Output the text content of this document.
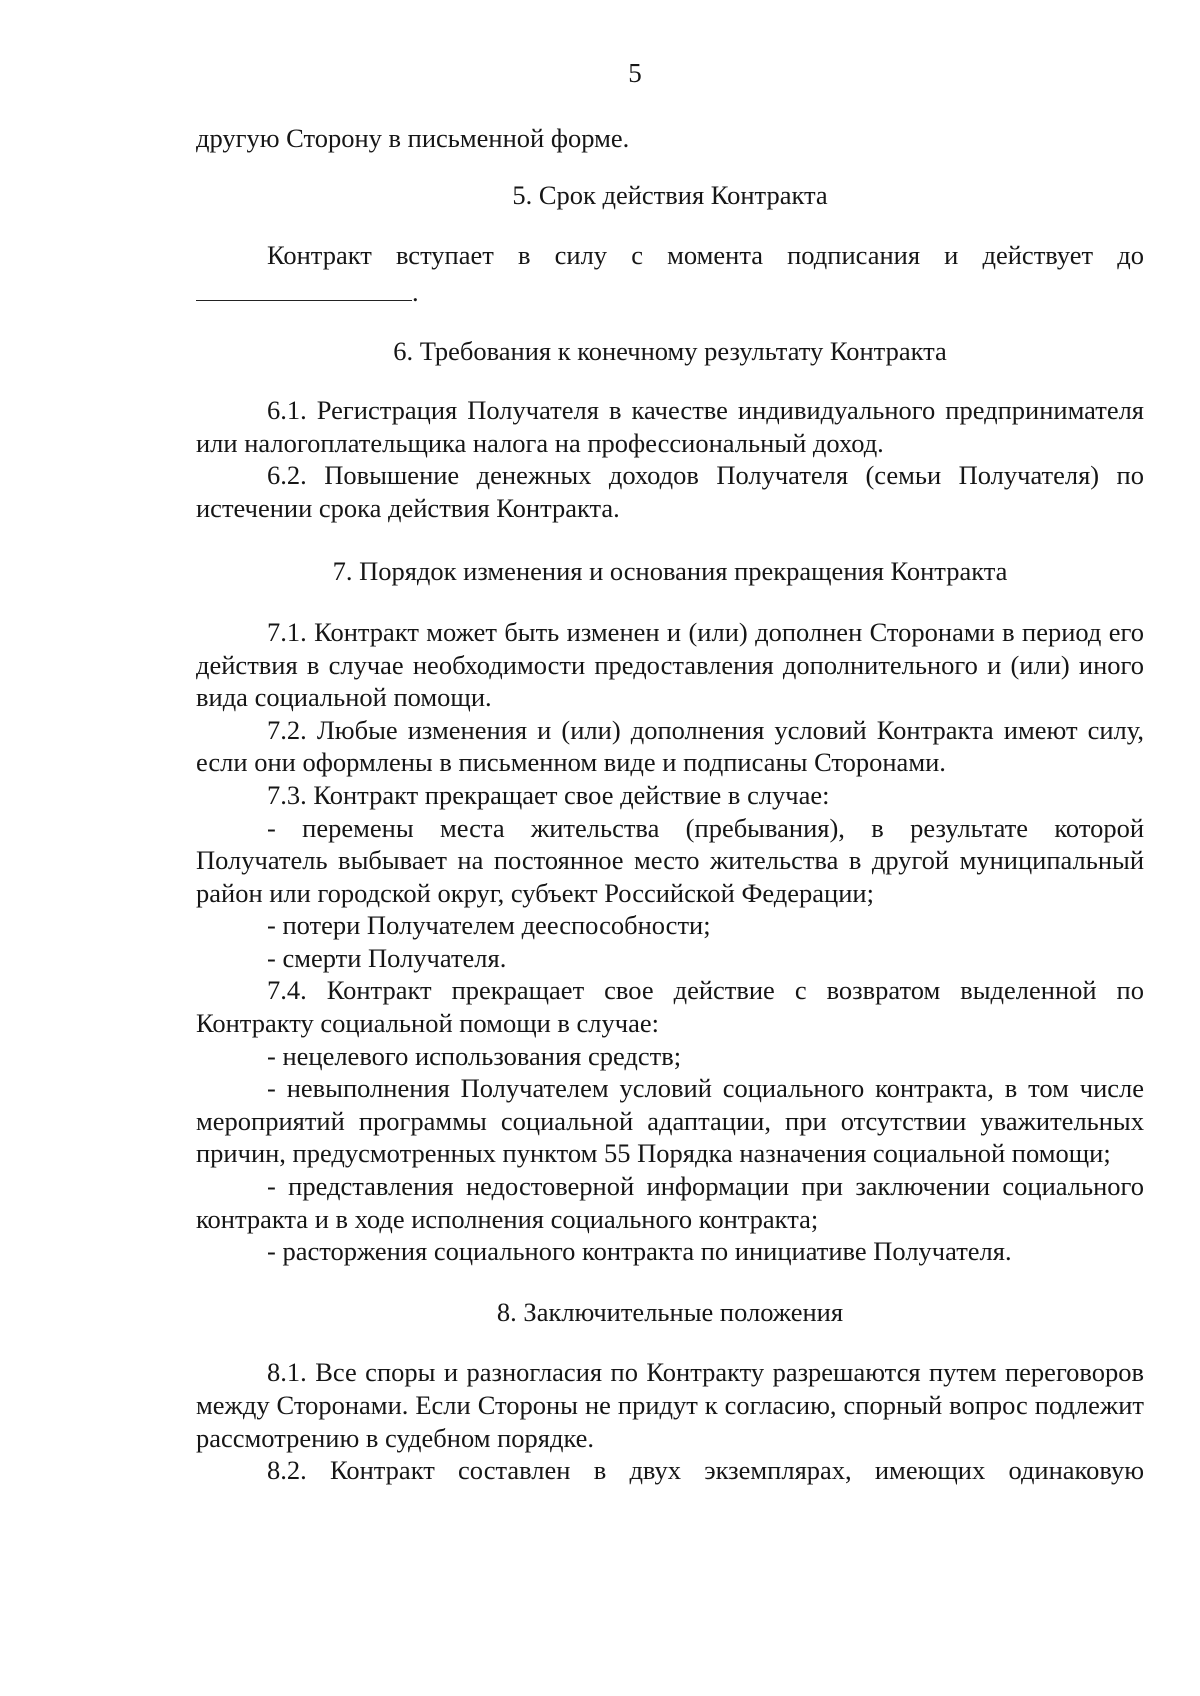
5

другую Сторону в письменной форме.

5. Срок действия Контракта

Контракт вступает в силу с момента подписания и действует до

.

6. Требования к конечному результату Контракта

6.1. Регистрация Получателя в качестве индивидуального предпринимателя или налогоплательщика налога на профессиональный доход.

6.2. Повышение денежных доходов Получателя (семьи Получателя) по истечении срока действия Контракта.

7. Порядок изменения и основания прекращения Контракта

7.1. Контракт может быть изменен и (или) дополнен Сторонами в период его действия в случае необходимости предоставления дополнительного и (или) иного вида социальной помощи.

7.2. Любые изменения и (или) дополнения условий Контракта имеют силу, если они оформлены в письменном виде и подписаны Сторонами.

7.3. Контракт прекращает свое действие в случае:

- перемены места жительства (пребывания), в результате которой Получатель выбывает на постоянное место жительства в другой муниципальный район или городской округ, субъект Российской Федерации;

- потери Получателем дееспособности;

- смерти Получателя.

7.4. Контракт прекращает свое действие с возвратом выделенной по Контракту социальной помощи в случае:

- нецелевого использования средств;

- невыполнения Получателем условий социального контракта, в том числе мероприятий программы социальной адаптации, при отсутствии уважительных причин, предусмотренных пунктом 55 Порядка назначения социальной помощи;

- представления недостоверной информации при заключении социального контракта и в ходе исполнения социального контракта;

- расторжения социального контракта по инициативе Получателя.

8. Заключительные положения

8.1. Все споры и разногласия по Контракту разрешаются путем переговоров между Сторонами. Если Стороны не придут к согласию, спорный вопрос подлежит рассмотрению в судебном порядке.

8.2. Контракт составлен в двух экземплярах, имеющих одинаковую
